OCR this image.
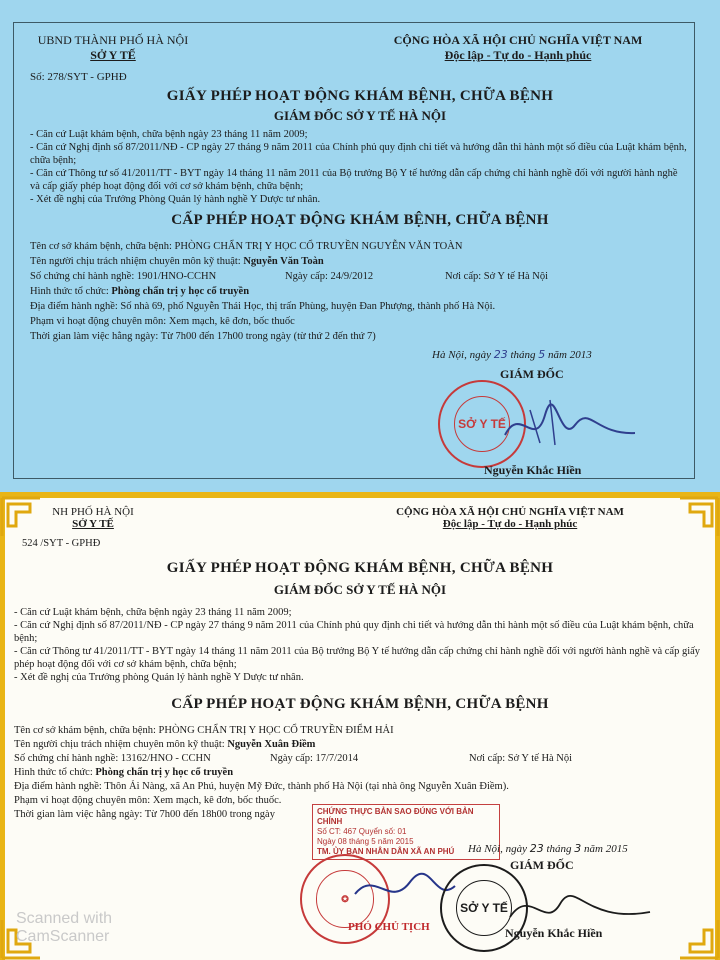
UBND THÀNH PHỐ HÀ NỘI
SỞ Y TẾ
CỘNG HÒA XÃ HỘI CHỦ NGHĨA VIỆT NAM
Độc lập - Tự do - Hạnh phúc
Số: 278/SYT - GPHĐ
GIẤY PHÉP HOẠT ĐỘNG KHÁM BỆNH, CHỮA BỆNH
GIÁM ĐỐC SỞ Y TẾ HÀ NỘI
- Căn cứ Luật khám bệnh, chữa bệnh ngày 23 tháng 11 năm 2009;
- Căn cứ Nghị định số 87/2011/NĐ - CP ngày 27 tháng 9 năm 2011 của Chính phủ quy định chi tiết và hướng dẫn thi hành một số điều của Luật khám bệnh, chữa bệnh;
- Căn cứ Thông tư số 41/2011/TT - BYT ngày 14 tháng 11 năm 2011 của Bộ trưởng Bộ Y tế hướng dẫn cấp chứng chỉ hành nghề đối với người hành nghề và cấp giấy phép hoạt động đối với cơ sở khám bệnh, chữa bệnh;
- Xét đề nghị của Trưởng Phòng Quản lý hành nghề Y Dược tư nhân.
CẤP PHÉP HOẠT ĐỘNG KHÁM BỆNH, CHỮA BỆNH
Tên cơ sở khám bệnh, chữa bệnh: PHÒNG CHẨN TRỊ Y HỌC CỔ TRUYỀN NGUYỄN VĂN TOÀN
Tên người chịu trách nhiệm chuyên môn kỹ thuật: Nguyễn Văn Toàn
Số chứng chỉ hành nghề: 1901/HNO-CCHN	Ngày cấp: 24/9/2012	Nơi cấp: Sở Y tế Hà Nội
Hình thức tổ chức: Phòng chẩn trị y học cổ truyền
Địa điểm hành nghề: Số nhà 69, phố Nguyễn Thái Học, thị trấn Phùng, huyện Đan Phượng, thành phố Hà Nội.
Phạm vi hoạt động chuyên môn: Xem mạch, kê đơn, bốc thuốc
Thời gian làm việc hằng ngày: Từ 7h00 đến 17h00 trong ngày (từ thứ 2 đến thứ 7)
Hà Nội, ngày 23 tháng 5 năm 2013
GIÁM ĐỐC
SỞ Y TẾ
Nguyễn Khắc Hiền
NH PHỐ HÀ NỘI
SỞ Y TẾ
CỘNG HÒA XÃ HỘI CHỦ NGHĨA VIỆT NAM
Độc lập - Tự do - Hạnh phúc
524 /SYT - GPHĐ
GIẤY PHÉP HOẠT ĐỘNG KHÁM BỆNH, CHỮA BỆNH
GIÁM ĐỐC SỞ Y TẾ HÀ NỘI
- Căn cứ Luật khám bệnh, chữa bệnh ngày 23 tháng 11 năm 2009;
- Căn cứ Nghị định số 87/2011/NĐ - CP ngày 27 tháng 9 năm 2011 của Chính phủ quy định chi tiết và hướng dẫn thi hành một số điều của Luật khám bệnh, chữa bệnh;
- Căn cứ Thông tư 41/2011/TT - BYT ngày 14 tháng 11 năm 2011 của Bộ trưởng Bộ Y tế hướng dẫn cấp chứng chỉ hành nghề đối với người hành nghề và cấp giấy phép hoạt động đối với cơ sở khám bệnh, chữa bệnh;
- Xét đề nghị của Trưởng phòng Quản lý hành nghề Y Dược tư nhân.
CẤP PHÉP HOẠT ĐỘNG KHÁM BỆNH, CHỮA BỆNH
Tên cơ sở khám bệnh, chữa bệnh: PHÒNG CHẨN TRỊ Y HỌC CỔ TRUYỀN ĐIỂM HẢI
Tên người chịu trách nhiệm chuyên môn kỹ thuật: Nguyễn Xuân Điềm
Số chứng chỉ hành nghề: 13162/HNO - CCHN	Ngày cấp: 17/7/2014	Nơi cấp: Sở Y tế Hà Nội
Hình thức tổ chức: Phòng chẩn trị y học cổ truyền
Địa điểm hành nghề: Thôn Ải Nàng, xã An Phú, huyện Mỹ Đức, thành phố Hà Nội (tại nhà ông Nguyễn Xuân Điềm).
Phạm vi hoạt động chuyên môn: Xem mạch, kê đơn, bốc thuốc.
Thời gian làm việc hằng ngày: Từ 7h00 đến 18h00 trong ngày	CHỨNG THỰC BẢN SAO ĐÚNG VỚI BẢN CHÍNH
Số CT: 467 Quyển số: 01
Ngày 08 tháng 5 năm 2015
TM. ỦY BAN NHÂN DÂN XÃ AN PHÚ	Hà Nội, ngày 23 tháng 3 năm 2015
GIÁM ĐỐC
✪
PHÓ CHỦ TỊCH
SỞ Y TẾ
Nguyễn Khắc Hiền
Scanned with
CamScanner
